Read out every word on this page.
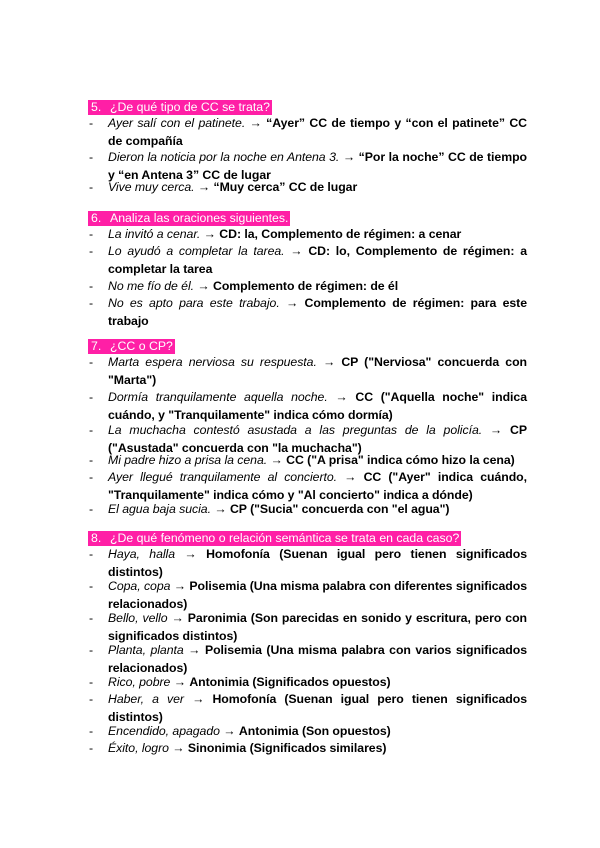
5. ¿De qué tipo de CC se trata?
- Ayer salí con el patinete. → “Ayer” CC de tiempo y “con el patinete” CC de compañía
- Dieron la noticia por la noche en Antena 3. → “Por la noche” CC de tiempo y “en Antena 3” CC de lugar
- Vive muy cerca. → “Muy cerca” CC de lugar
6. Analiza las oraciones siguientes.
- La invitó a cenar. → CD: la, Complemento de régimen: a cenar
- Lo ayudó a completar la tarea. → CD: lo, Complemento de régimen: a completar la tarea
- No me fío de él. → Complemento de régimen: de él
- No es apto para este trabajo. → Complemento de régimen: para este trabajo
7. ¿CC o CP?
- Marta espera nerviosa su respuesta. → CP ("Nerviosa" concuerda con "Marta")
- Dormía tranquilamente aquella noche. → CC ("Aquella noche" indica cuándo, y "Tranquilamente" indica cómo dormía)
- La muchacha contestó asustada a las preguntas de la policía. → CP ("Asustada" concuerda con "la muchacha")
- Mi padre hizo a prisa la cena. → CC ("A prisa" indica cómo hizo la cena)
- Ayer llegué tranquilamente al concierto. → CC ("Ayer" indica cuándo, "Tranquilamente" indica cómo y "Al concierto" indica a dónde)
- El agua baja sucia. → CP ("Sucia" concuerda con "el agua")
8. ¿De qué fenómeno o relación semántica se trata en cada caso?
- Haya, halla → Homofonía (Suenan igual pero tienen significados distintos)
- Copa, copa → Polisemia (Una misma palabra con diferentes significados relacionados)
- Bello, vello → Paronimia (Son parecidas en sonido y escritura, pero con significados distintos)
- Planta, planta → Polisemia (Una misma palabra con varios significados relacionados)
- Rico, pobre → Antonimia (Significados opuestos)
- Haber, a ver → Homofonía (Suenan igual pero tienen significados distintos)
- Encendido, apagado → Antonimia (Son opuestos)
- Éxito, logro → Sinonimia (Significados similares)
